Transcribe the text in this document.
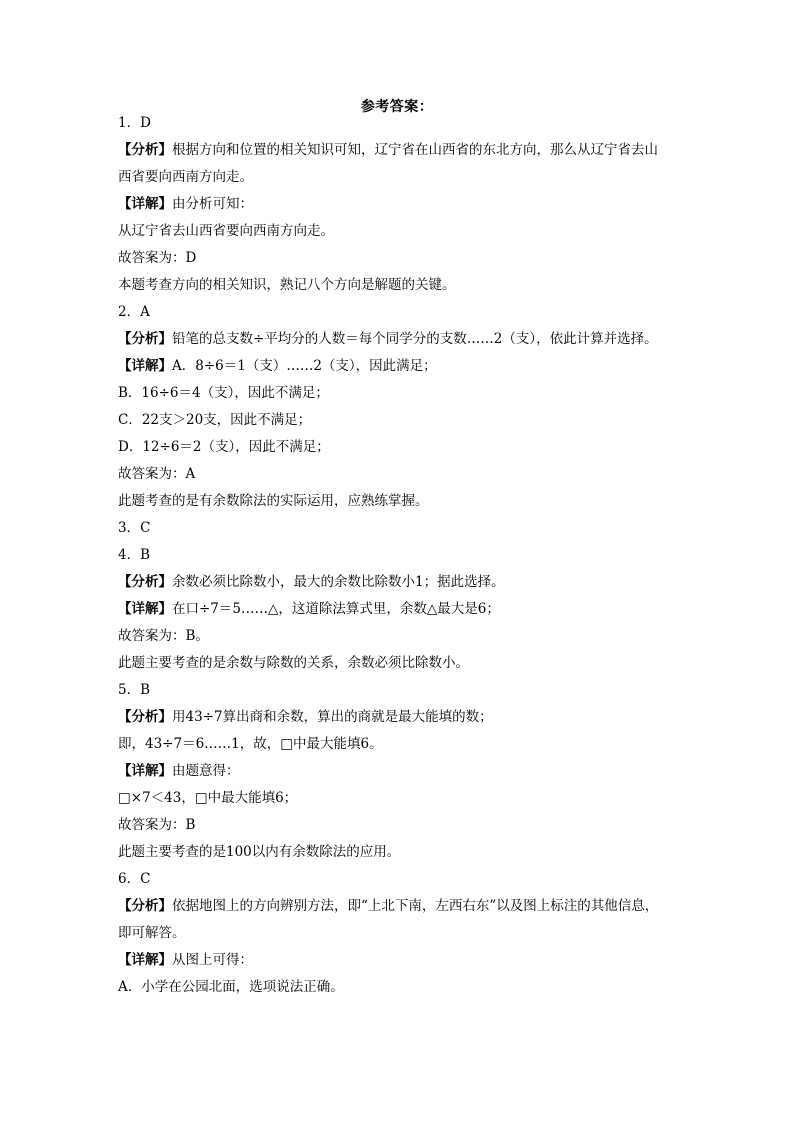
参考答案：
1．D
【分析】根据方向和位置的相关知识可知，辽宁省在山西省的东北方向，那么从辽宁省去山
西省要向西南方向走。
【详解】由分析可知：
从辽宁省去山西省要向西南方向走。
故答案为：D
本题考查方向的相关知识，熟记八个方向是解题的关键。
2．A
【分析】铅笔的总支数÷平均分的人数＝每个同学分的支数……2（支），依此计算并选择。
【详解】A．8÷6＝1（支）……2（支），因此满足；
B．16÷6＝4（支），因此不满足；
C．22支＞20支，因此不满足；
D．12÷6＝2（支），因此不满足；
故答案为：A
此题考查的是有余数除法的实际运用，应熟练掌握。
3．C
4．B
【分析】余数必须比除数小，最大的余数比除数小1；据此选择。
【详解】在口÷7＝5……△，这道除法算式里，余数△最大是6；
故答案为：B。
此题主要考查的是余数与除数的关系，余数必须比除数小。
5．B
【分析】用43÷7算出商和余数，算出的商就是最大能填的数；
即，43÷7＝6……1，故，□中最大能填6。
【详解】由题意得：
□×7＜43，□中最大能填6；
故答案为：B
此题主要考查的是100以内有余数除法的应用。
6．C
【分析】依据地图上的方向辨别方法，即“上北下南，左西右东”以及图上标注的其他信息，
即可解答。
【详解】从图上可得：
A．小学在公园北面，选项说法正确。
